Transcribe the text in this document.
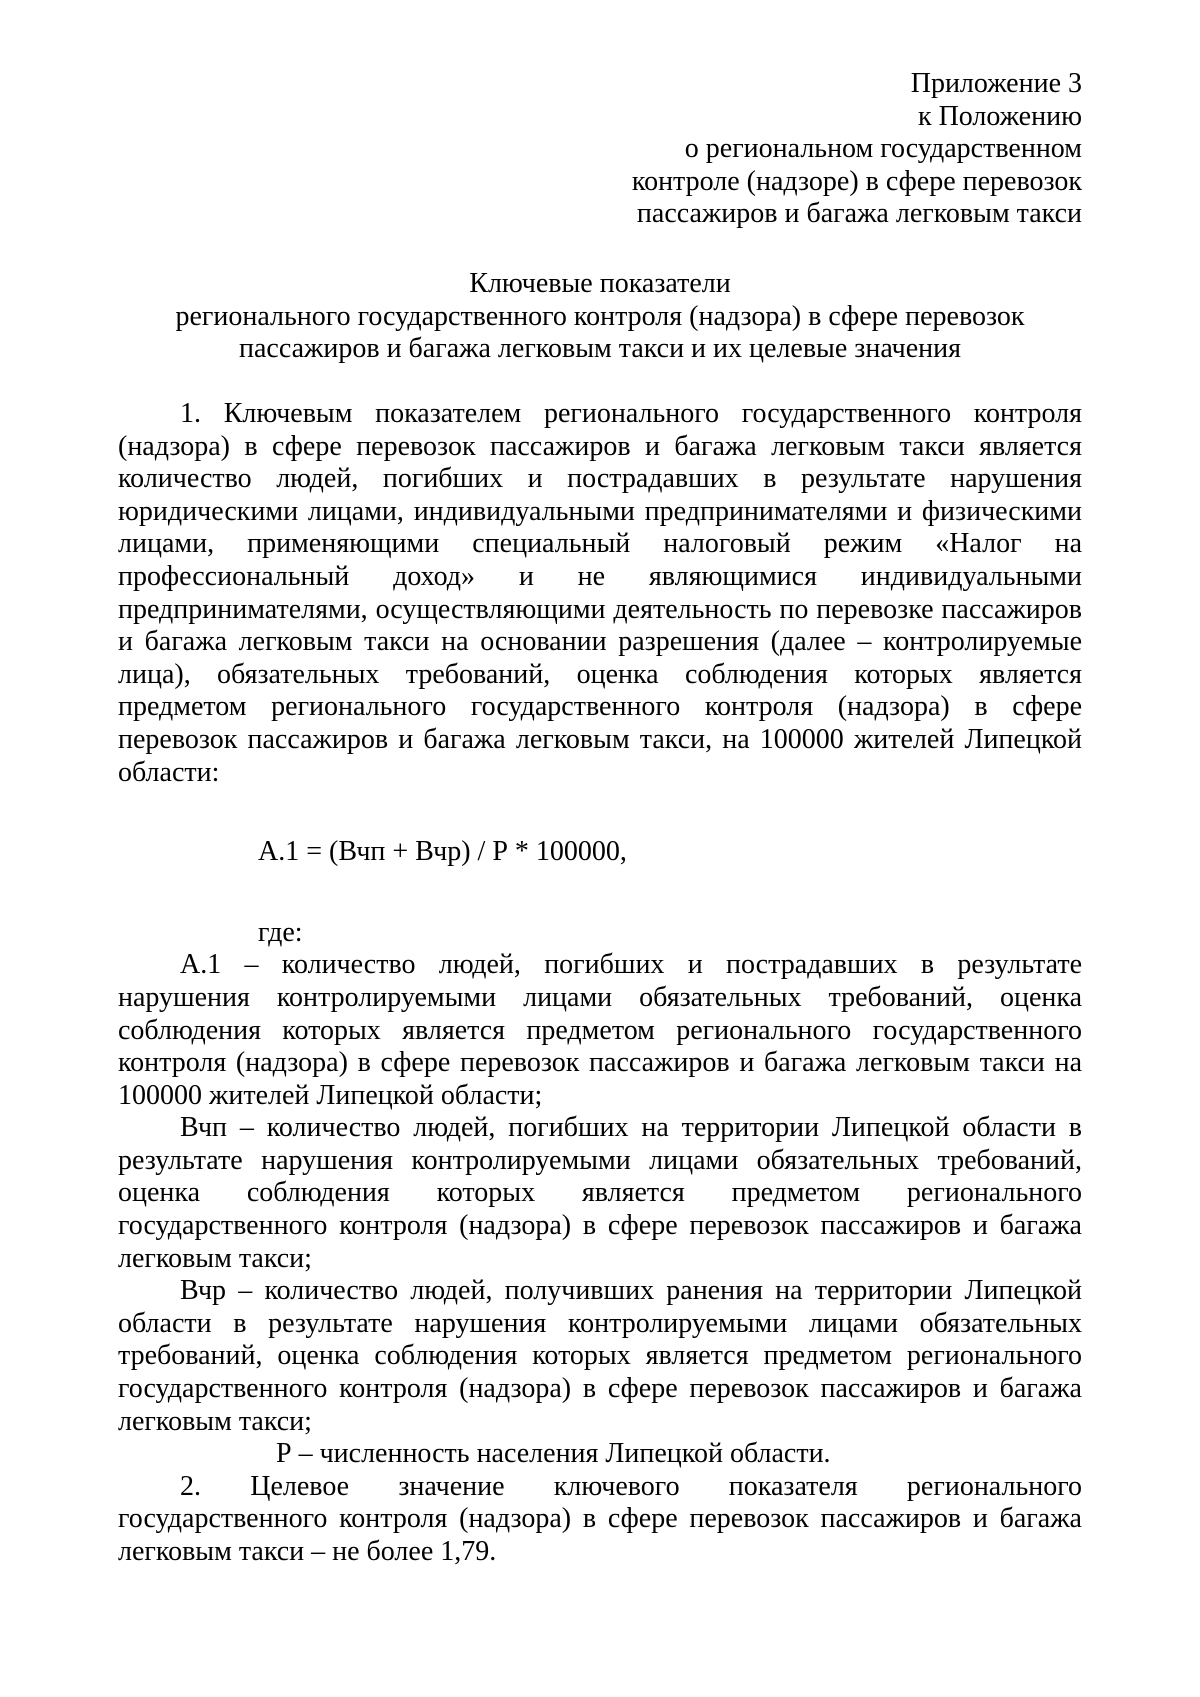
Приложение 3
к Положению
о региональном государственном
контроле (надзоре) в сфере перевозок
пассажиров и багажа легковым такси
Ключевые показатели
регионального государственного контроля (надзора) в сфере перевозок
пассажиров и багажа легковым такси и их целевые значения

1. Ключевым показателем регионального государственного контроля (надзора) в сфере перевозок пассажиров и багажа легковым такси является количество людей, погибших и пострадавших в результате нарушения юридическими лицами, индивидуальными предпринимателями и физическими лицами, применяющими специальный налоговый режим «Налог на профессиональный доход» и не являющимися индивидуальными предпринимателями, осуществляющими деятельность по перевозке пассажиров и багажа легковым такси на основании разрешения (далее – контролируемые лица), обязательных требований, оценка соблюдения которых является предметом регионального государственного контроля (надзора) в сфере перевозок пассажиров и багажа легковым такси, на 100000 жителей Липецкой области:

А.1 = (Вчп + Вчр) / Р * 100000,
где:

А.1 – количество людей, погибших и пострадавших в результате нарушения контролируемыми лицами обязательных требований, оценка соблюдения которых является предметом регионального государственного контроля (надзора) в сфере перевозок пассажиров и багажа легковым такси на 100000 жителей Липецкой области;

Вчп – количество людей, погибших на территории Липецкой области в результате нарушения контролируемыми лицами обязательных требований, оценка соблюдения которых является предметом регионального государственного контроля (надзора) в сфере перевозок пассажиров и багажа легковым такси;

Вчр – количество людей, получивших ранения на территории Липецкой области в результате нарушения контролируемыми лицами обязательных требований, оценка соблюдения которых является предметом регионального государственного контроля (надзора) в сфере перевозок пассажиров и багажа легковым такси;

Р – численность населения Липецкой области.

2. Целевое значение ключевого показателя регионального государственного контроля (надзора) в сфере перевозок пассажиров и багажа легковым такси – не более 1,79.
